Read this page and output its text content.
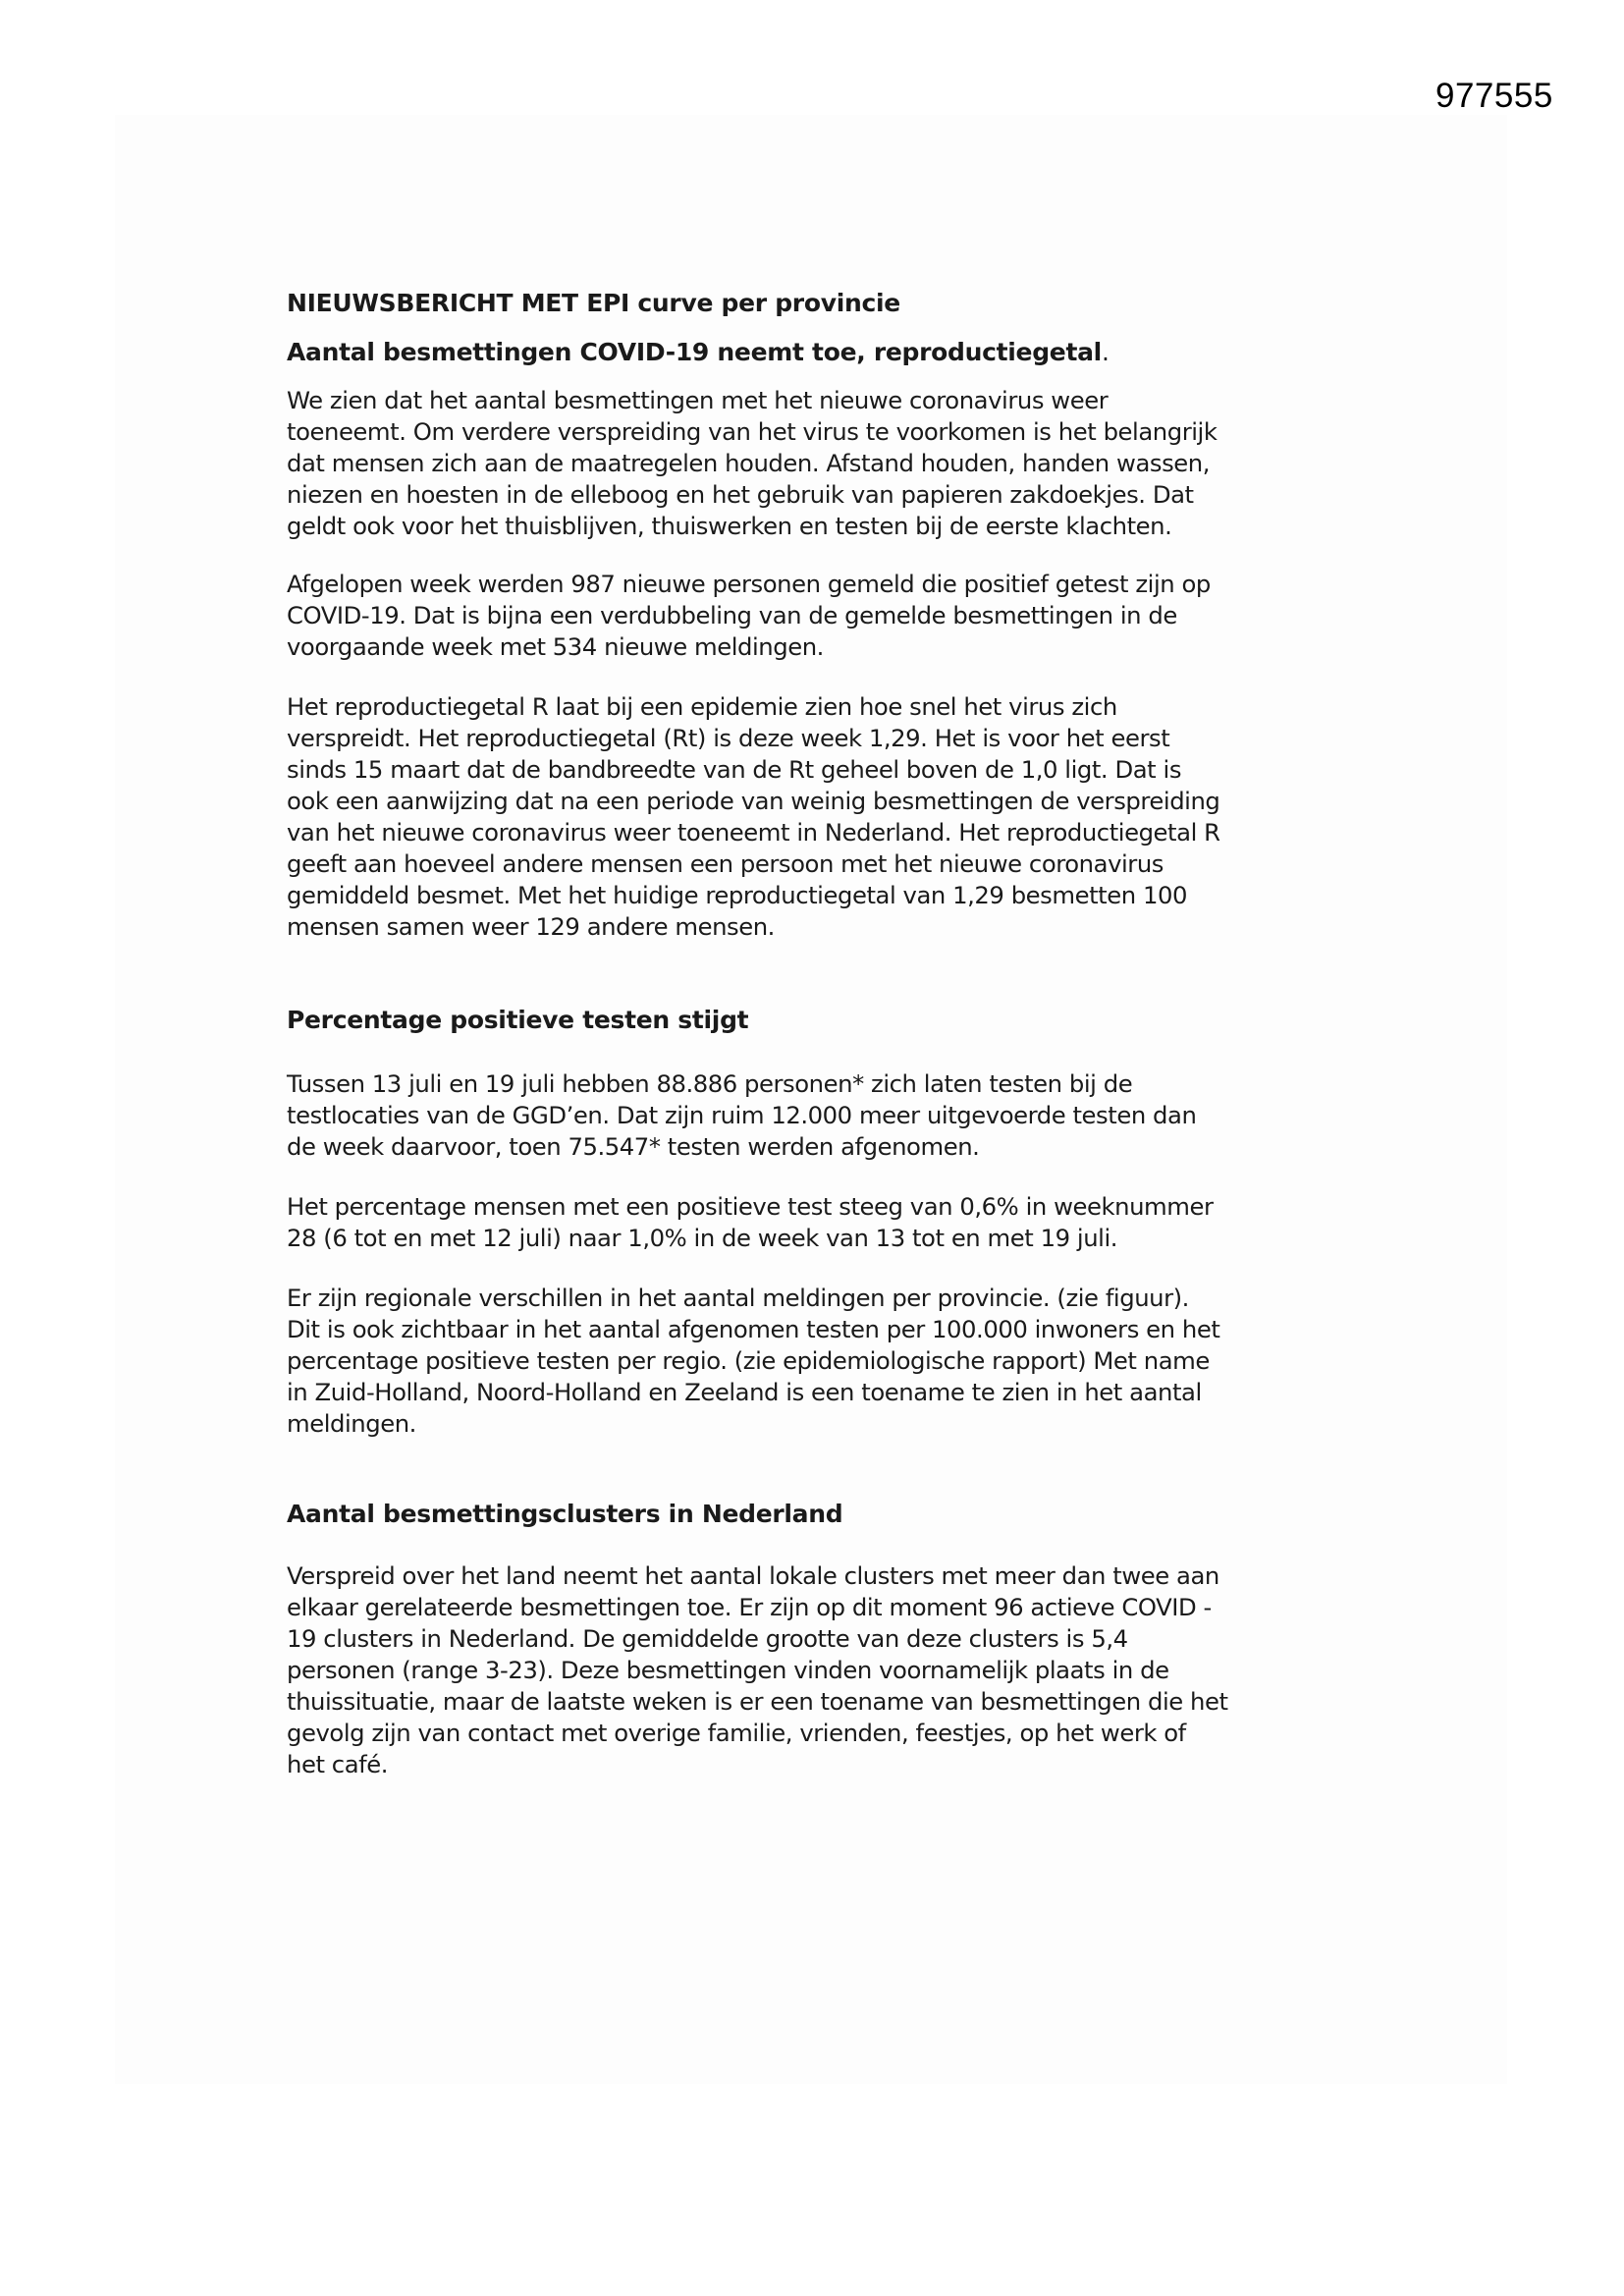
977555
NIEUWSBERICHT MET EPI curve per provincie
Aantal besmettingen COVID-19 neemt toe, reproductiegetal.

We zien dat het aantal besmettingen met het nieuwe coronavirus weer

toeneemt. Om verdere verspreiding van het virus te voorkomen is het belangrijk

dat mensen zich aan de maatregelen houden. Afstand houden, handen wassen,

niezen en hoesten in de elleboog en het gebruik van papieren zakdoekjes. Dat

geldt ook voor het thuisblijven, thuiswerken en testen bij de eerste klachten.

Afgelopen week werden 987 nieuwe personen gemeld die positief getest zijn op

COVID-19. Dat is bijna een verdubbeling van de gemelde besmettingen in de

voorgaande week met 534 nieuwe meldingen.

Het reproductiegetal R laat bij een epidemie zien hoe snel het virus zich

verspreidt. Het reproductiegetal (Rt) is deze week 1,29. Het is voor het eerst

sinds 15 maart dat de bandbreedte van de Rt geheel boven de 1,0 ligt. Dat is

ook een aanwijzing dat na een periode van weinig besmettingen de verspreiding

van het nieuwe coronavirus weer toeneemt in Nederland. Het reproductiegetal R

geeft aan hoeveel andere mensen een persoon met het nieuwe coronavirus

gemiddeld besmet. Met het huidige reproductiegetal van 1,29 besmetten 100

mensen samen weer 129 andere mensen.

Percentage positieve testen stijgt

Tussen 13 juli en 19 juli hebben 88.886 personen* zich laten testen bij de

testlocaties van de GGD’en. Dat zijn ruim 12.000 meer uitgevoerde testen dan

de week daarvoor, toen 75.547* testen werden afgenomen.

Het percentage mensen met een positieve test steeg van 0,6% in weeknummer

28 (6 tot en met 12 juli) naar 1,0% in de week van 13 tot en met 19 juli.

Er zijn regionale verschillen in het aantal meldingen per provincie. (zie figuur).

Dit is ook zichtbaar in het aantal afgenomen testen per 100.000 inwoners en het

percentage positieve testen per regio. (zie epidemiologische rapport) Met name

in Zuid-Holland, Noord-Holland en Zeeland is een toename te zien in het aantal

meldingen.

Aantal besmettingsclusters in Nederland

Verspreid over het land neemt het aantal lokale clusters met meer dan twee aan

elkaar gerelateerde besmettingen toe. Er zijn op dit moment 96 actieve COVID -

19 clusters in Nederland. De gemiddelde grootte van deze clusters is 5,4

personen (range 3-23). Deze besmettingen vinden voornamelijk plaats in de

thuissituatie, maar de laatste weken is er een toename van besmettingen die het

gevolg zijn van contact met overige familie, vrienden, feestjes, op het werk of

het café.
